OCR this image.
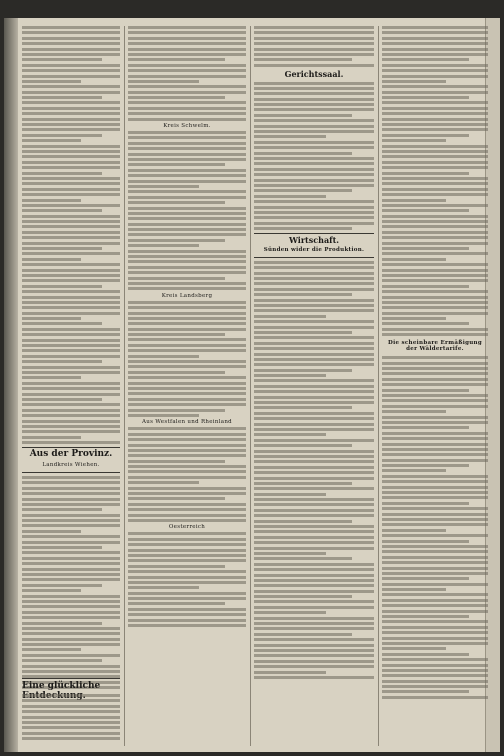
Aus der Provinz.
Landkreis Wiehen.
Kreis Schwelm.
Kreis Landsberg
Aus Westfalen und Rheinland
Oesterreich
Gerichtssaal.
Wirtschaft.
Sünden wider die Produktion.
Die scheinbare Ermäßigung der Wäldertarife.
Eine glückliche
